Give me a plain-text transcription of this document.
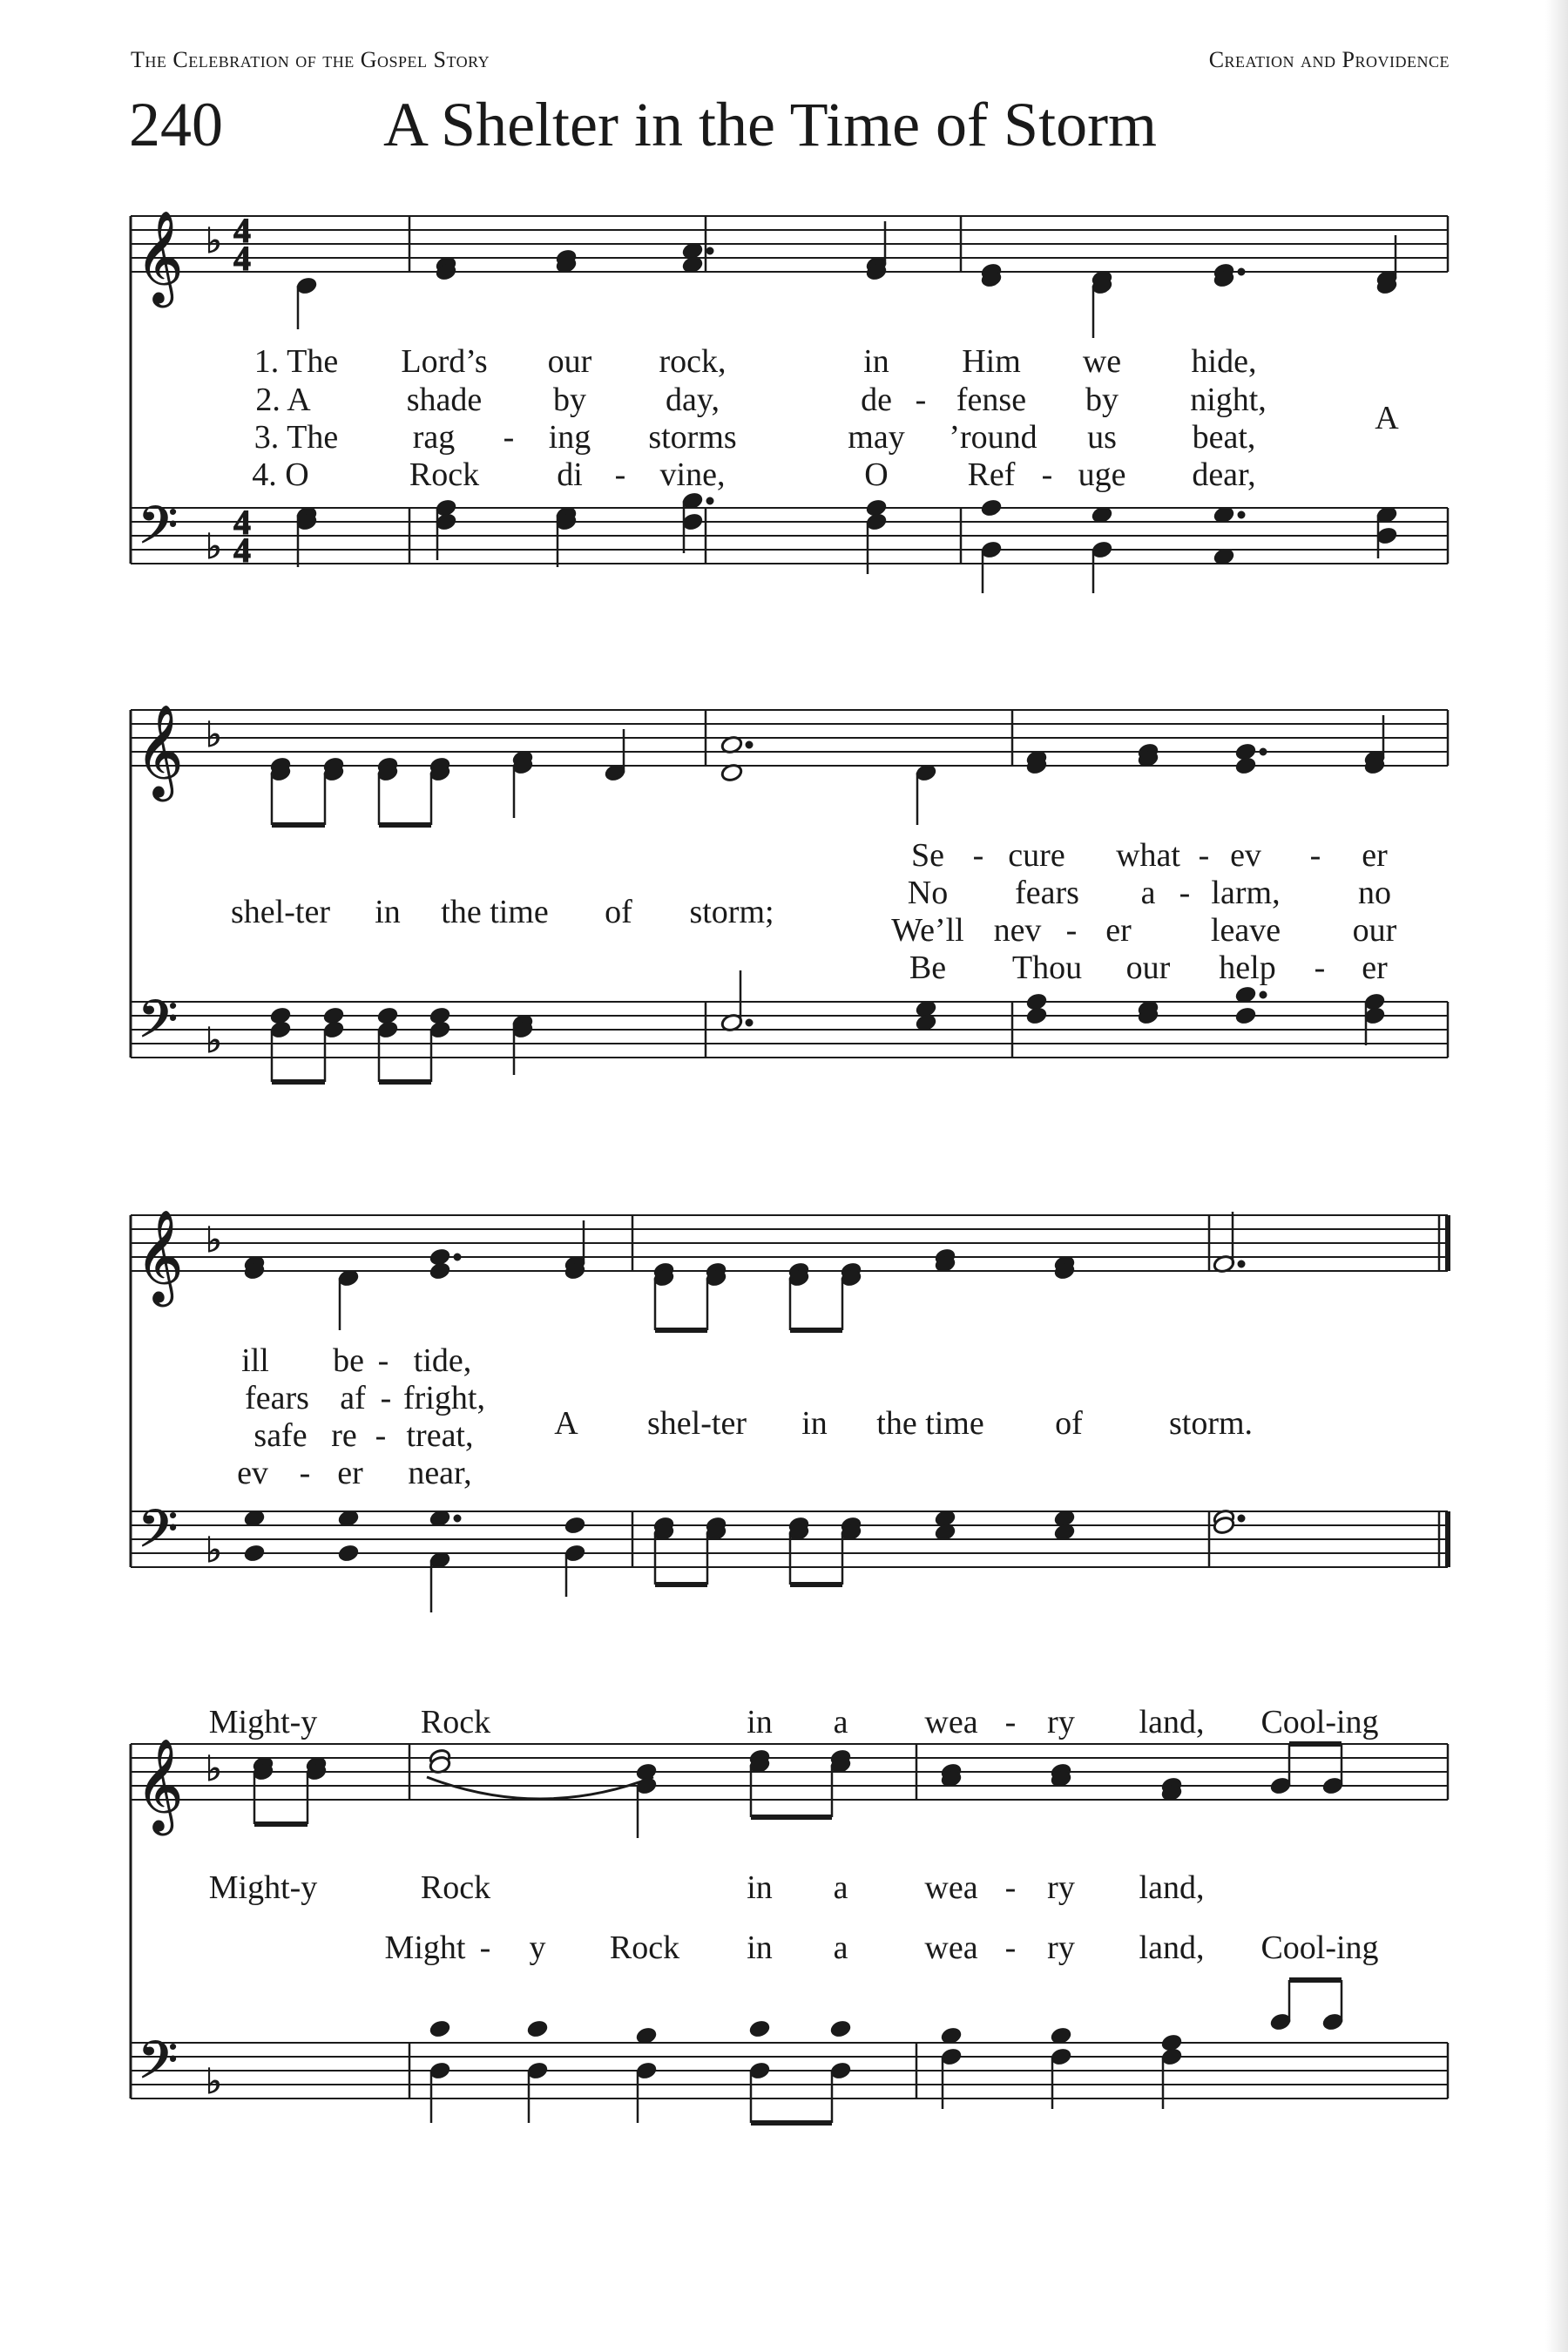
The Celebration of the Gospel Story	Creation and Providence
240	A Shelter in the Time of Storm
𝄞
𝄢
♭
♭
4
4
4
4
𝄞
𝄢
♭
♭
𝄞
𝄢
♭
♭
𝄞
𝄢
♭
♭
1. The Lord’s our rock,	in Him we hide,
2. A	shade by day,	de - fense by night,
3. The rag - ing storms	may ’round us beat,
4. O	Rock di - vine,	O Ref - uge dear,
A
shel-ter in the time of storm;
Se - cure what - ev - er
No fears a - larm, no
We’ll nev - er leave our
Be Thou our help - er
ill be - tide,
fears af - fright,
safe re - treat,
ev - er near,
A shel-ter in the time of	storm.
Might-y	Rock	in a wea - ry land, Cool-ing
Might-y	Rock	in a wea - ry land,
Might - y Rock in a wea - ry land, Cool-ing
